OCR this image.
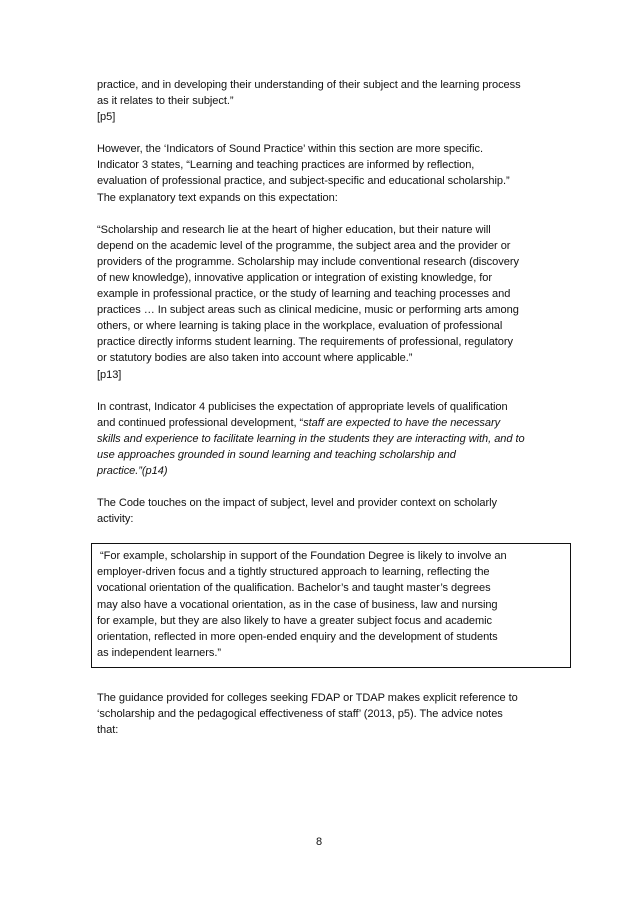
practice, and in developing their understanding of their subject and the learning process
as it relates to their subject.”
[p5]
However, the ‘Indicators of Sound Practice’ within this section are more specific.
Indicator 3 states, “Learning and teaching practices are informed by reflection,
evaluation of professional practice, and subject-specific and educational scholarship.”
The explanatory text expands on this expectation:
“Scholarship and research lie at the heart of higher education, but their nature will
depend on the academic level of the programme, the subject area and the provider or
providers of the programme. Scholarship may include conventional research (discovery
of new knowledge), innovative application or integration of existing knowledge, for
example in professional practice, or the study of learning and teaching processes and
practices … In subject areas such as clinical medicine, music or performing arts among
others, or where learning is taking place in the workplace, evaluation of professional
practice directly informs student learning. The requirements of professional, regulatory
or statutory bodies are also taken into account where applicable.”
[p13]
In contrast, Indicator 4 publicises the expectation of appropriate levels of qualification
and continued professional development, “staff are expected to have the necessary
skills and experience to facilitate learning in the students they are interacting with, and to
use approaches grounded in sound learning and teaching scholarship and
practice.”(p14)
The Code touches on the impact of subject, level and provider context on scholarly
activity:
“For example, scholarship in support of the Foundation Degree is likely to involve an
employer-driven focus and a tightly structured approach to learning, reflecting the
vocational orientation of the qualification. Bachelor’s and taught master’s degrees
may also have a vocational orientation, as in the case of business, law and nursing
for example, but they are also likely to have a greater subject focus and academic
orientation, reflected in more open-ended enquiry and the development of students
as independent learners.”
The guidance provided for colleges seeking FDAP or TDAP makes explicit reference to
‘scholarship and the pedagogical effectiveness of staff’ (2013, p5). The advice notes
that:
8
